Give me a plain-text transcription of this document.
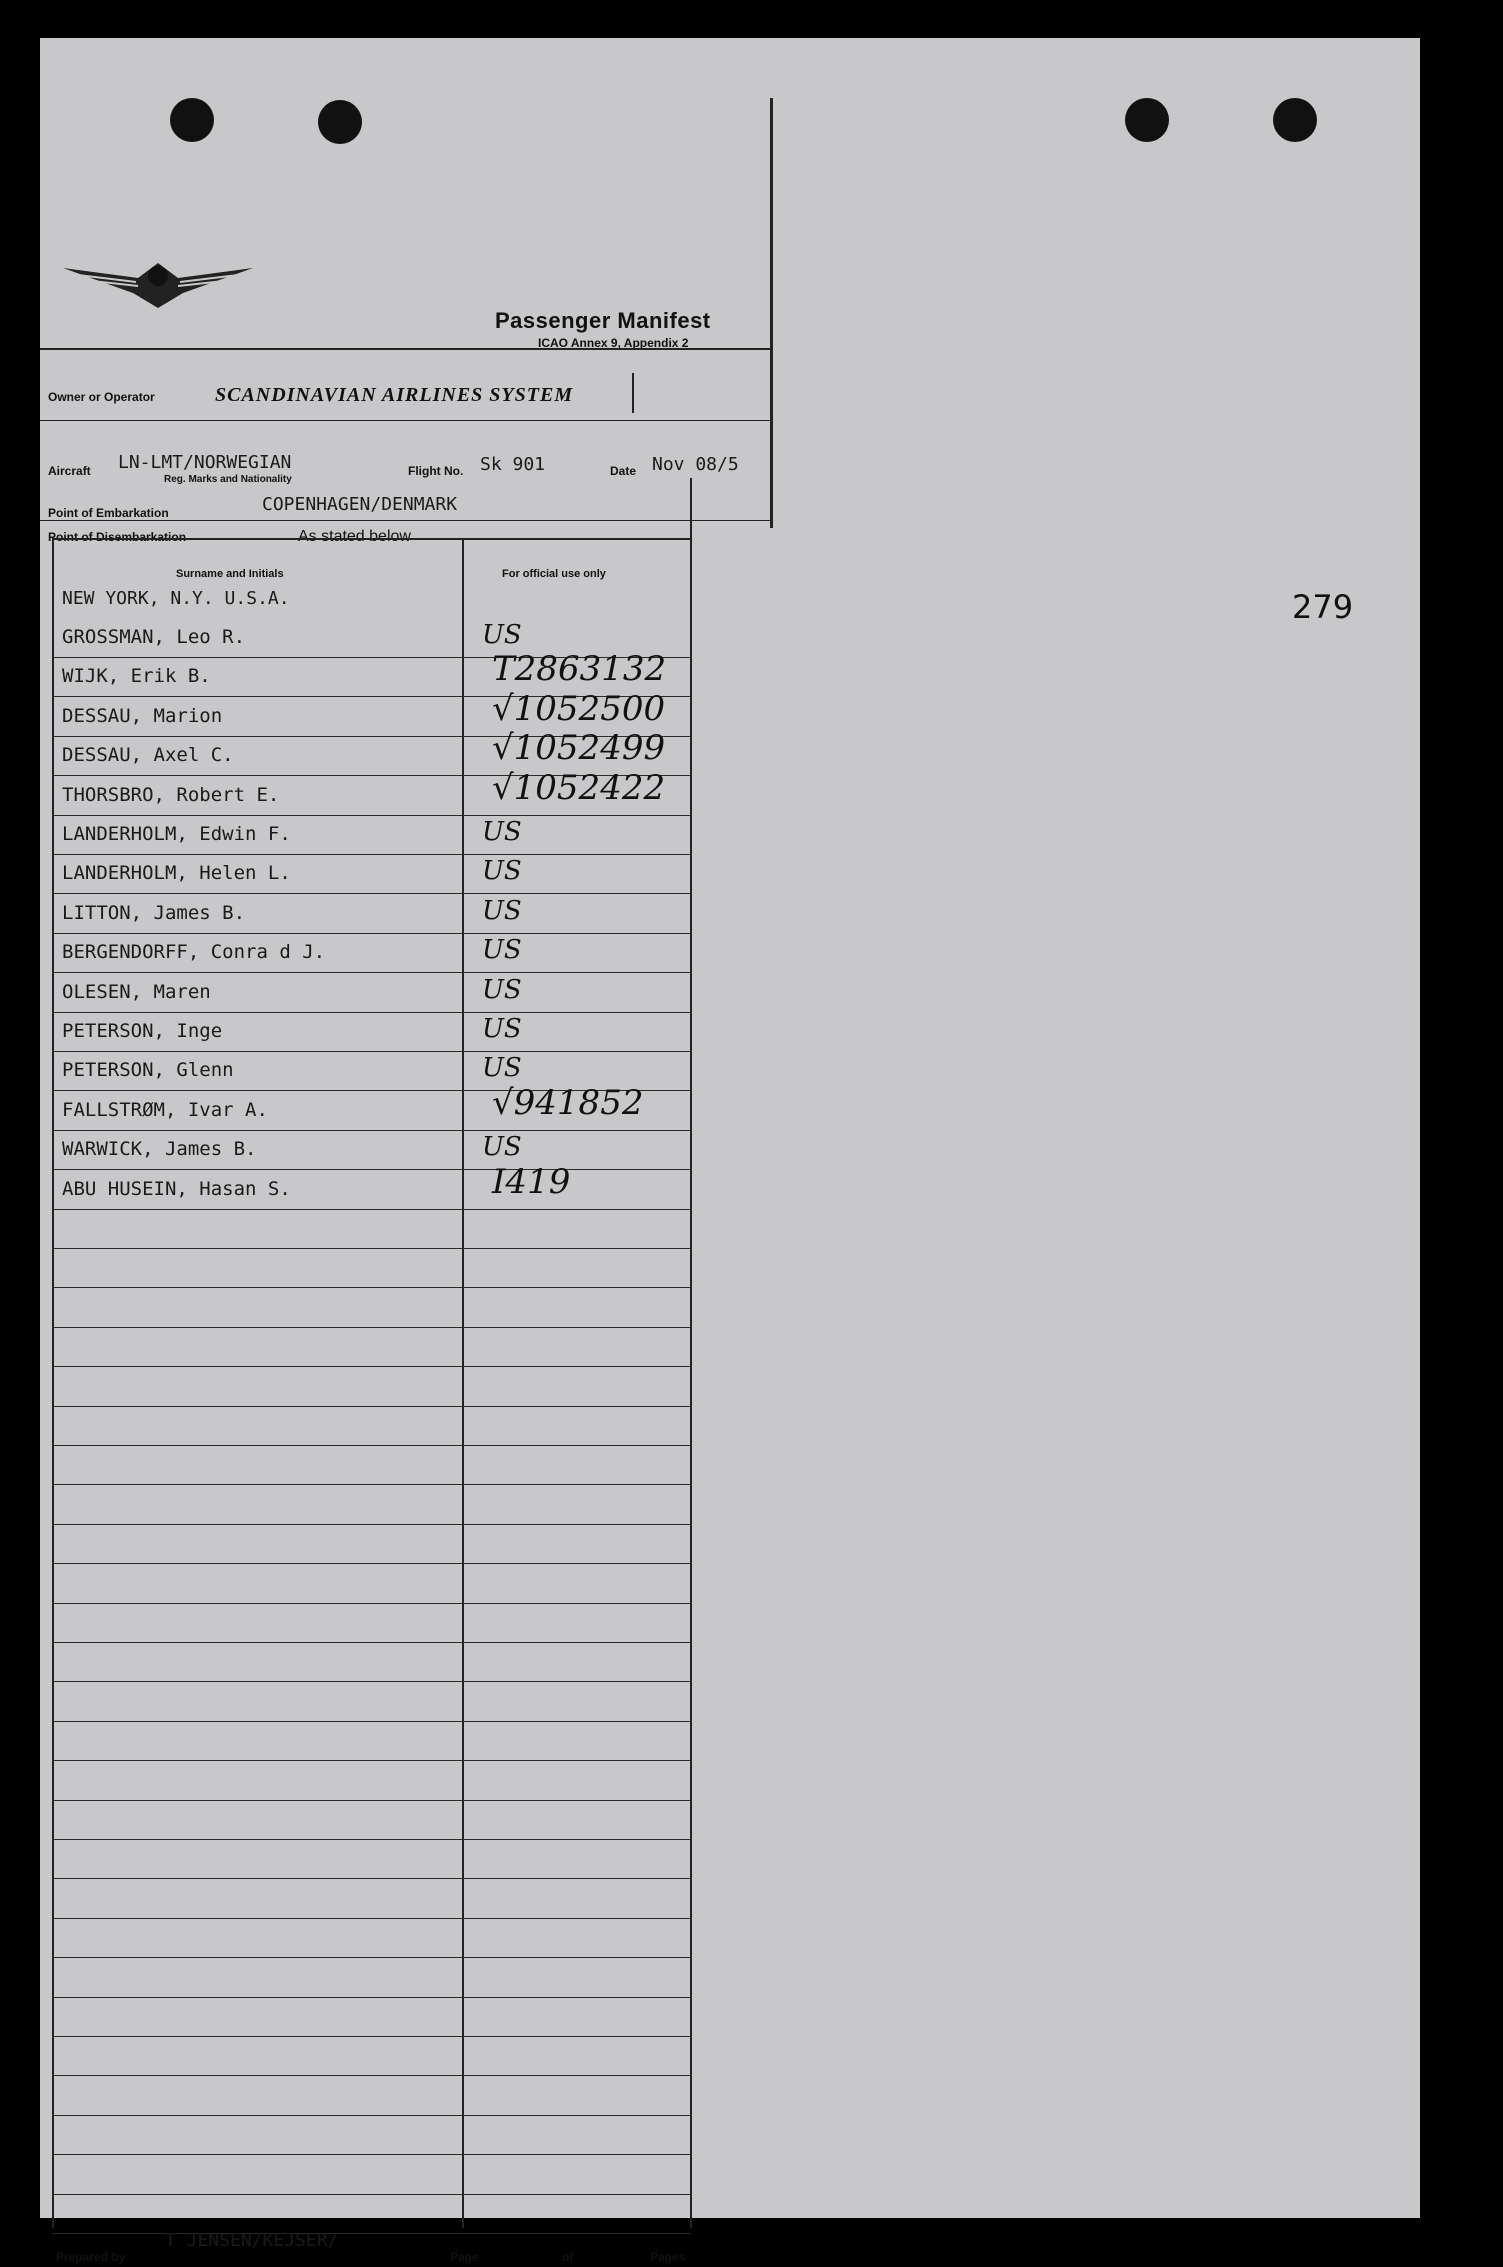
279
Passenger Manifest
ICAO Annex 9, Appendix 2
Owner or Operator	SCANDINAVIAN AIRLINES SYSTEM
Aircraft LN-LMT/NORWEGIAN
Reg. Marks and Nationality
Flight No. Sk 901	Date Nov 08/5
Point of Embarkation	COPENHAGEN/DENMARK
Point of Disembarkation	As stated below
Surname and Initials	For official use only
NEW YORK, N.Y. U.S.A.
GROSSMAN, Leo R.	US
WIJK, Erik B.	T2863132
DESSAU, Marion	√1052500
DESSAU, Axel C.	√1052499
THORSBRO, Robert E.	√1052422
LANDERHOLM, Edwin F.	US
LANDERHOLM, Helen L.	US
LITTON, James B.	US
BERGENDORFF, Conra d J.	US
OLESEN, Maren	US
PETERSON, Inge	US
PETERSON, Glenn	US
FALLSTRØM, Ivar A.	√941852
WARWICK, James B.	US
ABU HUSEIN, Hasan S.	I419
Prepared by
T JENSEN/KEJSER/
Page	of	Pages
